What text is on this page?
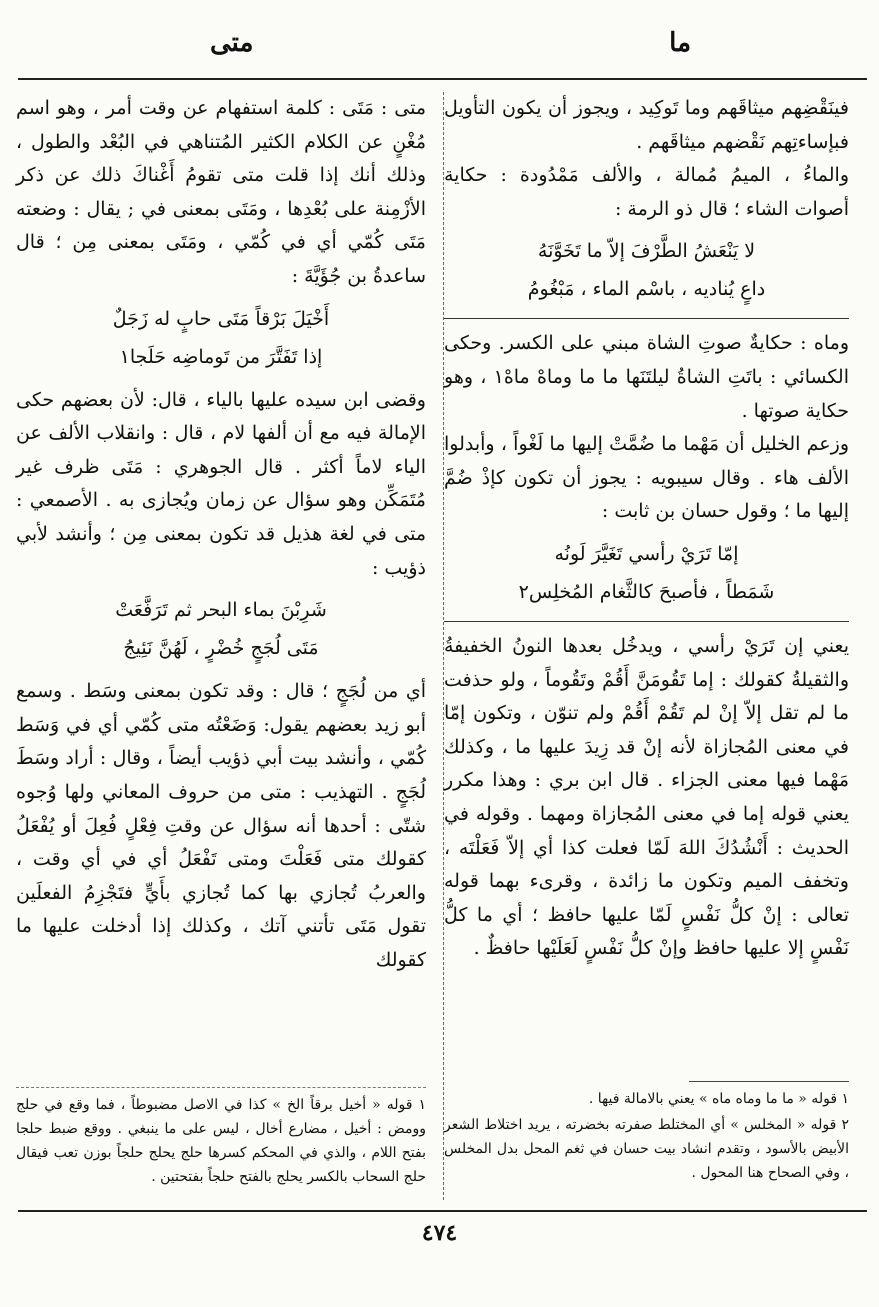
ما
متى

فينَقْضِهم ميثاقَهم وما تَوكِيد ، ويجوز أن يكون التأويل فبإساءتِهم نَقْضهم ميثاقَهم .

والماءُ ، الميمُ مُمالة ، والألف مَمْدُودة : حكاية أصوات الشاء ؛ قال ذو الرمة :

لا يَنْعَشُ الطَّرْفَ إلاّ ما تَخَوَّنَهُ
داعٍ يُناديه ، باسْم الماء ، مَبْغُومُ

وماه : حكايةٌ صوتِ الشاة مبني على الكسر. وحكى الكسائي : باتَتِ الشاةُ ليلتَنَها ما ما وماهْ ماهْ١ ، وهو حكاية صوتها .

وزعم الخليل أن مَهْما ما ضُمَّتْ إليها ما لَغْواً ، وأبدلوا الألف هاء . وقال سيبويه : يجوز أن تكون كإذْ ضُمَّ إليها ما ؛ وقول حسان بن ثابت :

إمّا تَرَيْ رأسي تَغَيَّرَ لَونُه
شَمَطاً ، فأصبحَ كالثَّغام المُخلِس٢

يعني إن تَرَيْ رأسي ، ويدخُل بعدها النونُ الخفيفةُ والثقيلةُ كقولك : إما تَقُومَنَّ أَقُمْ وتَقُوماً ، ولو حذفت ما لم تقل إلاّ إنْ لم تَقُمْ أَقُمْ ولم تنوّن ، وتكون إمّا في معنى المُجازاة لأنه إنْ قد زِيدَ عليها ما ، وكذلك مَهْما فيها معنى الجزاء . قال ابن بري : وهذا مكرر يعني قوله إما في معنى المُجازاة ومهما . وقوله في الحديث : أَنْشُدُكَ اللهَ لَمّا فعلت كذا أي إلاّ فَعَلْتَه ، وتخفف الميم وتكون ما زائدة ، وقرىء بهما قوله تعالى : إنْ كلُّ نَفْسٍ لَمّا عليها حافظ ؛ أي ما كلُّ نَفْسٍ إلا عليها حافظ وإنْ كلُّ نَفْسٍ لَعَلَيْها حافظٌ .

متى : مَتَى : كلمة استفهام عن وقت أمر ، وهو اسم مُغْنٍ عن الكلام الكثير المُتناهي في البُعْد والطول ، وذلك أنك إذا قلت متى تقومُ أَغْناكَ ذلك عن ذكر الأزْمِنة على بُعْدِها ، ومَتَى بمعنى في ; يقال : وضعته مَتَى كُمّي أي في كُمّي ، ومَتَى بمعنى مِن ؛ قال ساعدةُ بن جُؤَيَّةَ :

أَخْيَلَ بَرْقاً مَتَى حابٍ له زَجَلٌ
إذا تَفَتَّرَ من تَوماضِه حَلَجا١

وقضى ابن سيده عليها بالياء ، قال: لأن بعضهم حكى الإمالة فيه مع أن ألفها لام ، قال : وانقلاب الألف عن الياء لاماً أكثر . قال الجوهري : مَتَى ظرف غير مُتَمَكِّن وهو سؤال عن زمان ويُجازى به . الأصمعي : متى في لغة هذيل قد تكون بمعنى مِن ؛ وأنشد لأبي ذؤيب :

شَرِبْنَ بماء البحر ثم تَرَفَّعَتْ
مَتَى لُجَجٍ خُضْرٍ ، لَهُنَّ نَئِيجُ

أي من لُجَجٍ ؛ قال : وقد تكون بمعنى وسَط . وسمع أبو زيد بعضهم يقول: وَضَعْتُه متى كُمّي أي في وَسَط كُمّي ، وأنشد بيت أبي ذؤيب أيضاً ، وقال : أراد وسَطَ لُجَجٍ . التهذيب : متى من حروف المعاني ولها وُجوه شتّى : أحدها أنه سؤال عن وقتِ فِعْلٍ فُعِلَ أو يُفْعَلُ كقولك متى فَعَلْتَ ومتى تَفْعَلُ أي في أي وقت ، والعربُ تُجازي بها كما تُجازي بأَيٍّ فتَجْزِمُ الفعلَين تقول مَتَى تأتني آتك ، وكذلك إذا أدخلت عليها ما كقولك

١ قوله « ما ما وماه ماه » يعني بالامالة فيها .

٢ قوله « المخلس » أي المختلط صفرته بخضرته ، يريد اختلاط الشعر الأبيض بالأسود ، وتقدم انشاد بيت حسان في ثغم المحل بدل المخلس ، وفي الصحاح هنا المحول .

١ قوله « أخيل برقاً الخ » كذا في الاصل مضبوطاً ، فما وقع في حلج وومض : أخيل ، مضارع أخال ، ليس على ما ينبغي . ووقع ضبط حلجا بفتح اللام ، والذي في المحكم كسرها حلج يحلج حلجاً بوزن تعب فيقال حلج السحاب بالكسر يحلج بالفتح حلجاً بفتحتين .

٤٧٤
